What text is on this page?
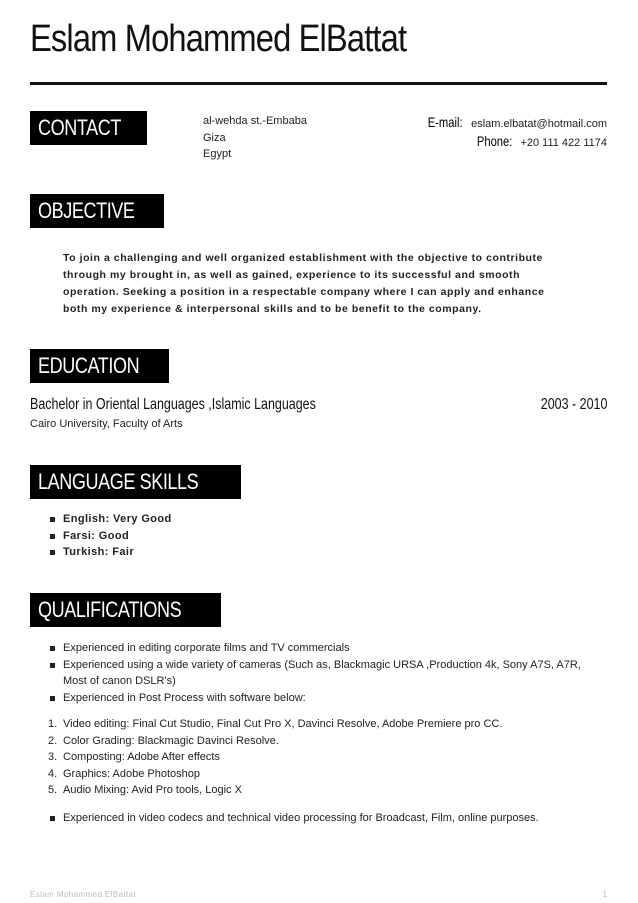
Eslam Mohammed ElBattat
CONTACT	al-wehda st.-Embaba
Giza
Egypt
E-mail: eslam.elbatat@hotmail.com
Phone: +20 111 422 1174
OBJECTIVE

To join a challenging and well organized establishment with the objective to contribute through my brought in, as well as gained, experience to its successful and smooth operation. Seeking a position in a respectable company where I can apply and enhance both my experience & interpersonal skills and to be benefit to the company.

EDUCATION
Bachelor in Oriental Languages ,Islamic Languages	2003 - 2010
Cairo University, Faculty of Arts
LANGUAGE SKILLS
English: Very Good
Farsi: Good
Turkish: Fair
QUALIFICATIONS
Experienced in editing corporate films and TV commercials
Experienced using a wide variety of cameras (Such as, Blackmagic URSA ,Production 4k, Sony A7S, A7R, Most of canon DSLR's)
Experienced in Post Process with software below:
1. Video editing: Final Cut Studio, Final Cut Pro X, Davinci Resolve, Adobe Premiere pro CC.
2. Color Grading: Blackmagic Davinci Resolve.
3. Composting: Adobe After effects
4. Graphics: Adobe Photoshop
5. Audio Mixing: Avid Pro tools, Logic X
Experienced in video codecs and technical video processing for Broadcast, Film, online purposes.
Eslam Mohammed ElBattat	1
